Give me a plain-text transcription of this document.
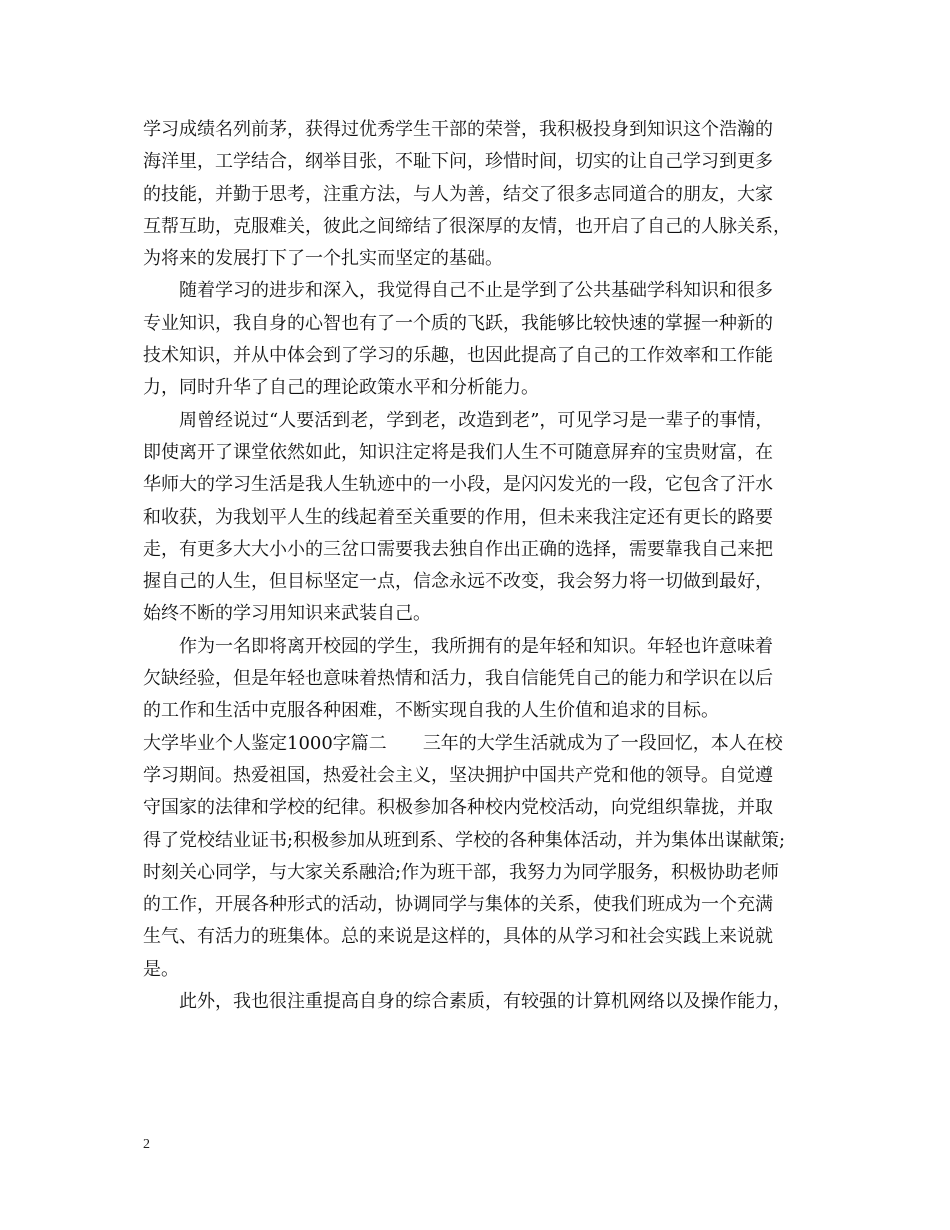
学习成绩名列前茅，获得过优秀学生干部的荣誉，我积极投身到知识这个浩瀚的
海洋里，工学结合，纲举目张，不耻下问，珍惜时间，切实的让自己学习到更多
的技能，并勤于思考，注重方法，与人为善，结交了很多志同道合的朋友，大家
互帮互助，克服难关，彼此之间缔结了很深厚的友情，也开启了自己的人脉关系，
为将来的发展打下了一个扎实而坚定的基础。
随着学习的进步和深入，我觉得自己不止是学到了公共基础学科知识和很多
专业知识，我自身的心智也有了一个质的飞跃，我能够比较快速的掌握一种新的
技术知识，并从中体会到了学习的乐趣，也因此提高了自己的工作效率和工作能
力，同时升华了自己的理论政策水平和分析能力。
周曾经说过“人要活到老，学到老，改造到老”，可见学习是一辈子的事情，
即使离开了课堂依然如此，知识注定将是我们人生不可随意屏弃的宝贵财富，在
华师大的学习生活是我人生轨迹中的一小段，是闪闪发光的一段，它包含了汗水
和收获，为我划平人生的线起着至关重要的作用，但未来我注定还有更长的路要
走，有更多大大小小的三岔口需要我去独自作出正确的选择，需要靠我自己来把
握自己的人生，但目标坚定一点，信念永远不改变，我会努力将一切做到最好，
始终不断的学习用知识来武装自己。
作为一名即将离开校园的学生，我所拥有的是年轻和知识。年轻也许意味着
欠缺经验，但是年轻也意味着热情和活力，我自信能凭自己的能力和学识在以后
的工作和生活中克服各种困难，不断实现自我的人生价值和追求的目标。
大学毕业个人鉴定1000字篇二 三年的大学生活就成为了一段回忆，本人在校
学习期间。热爱祖国，热爱社会主义，坚决拥护中国共产党和他的领导。自觉遵
守国家的法律和学校的纪律。积极参加各种校内党校活动，向党组织靠拢，并取
得了党校结业证书;积极参加从班到系、学校的各种集体活动，并为集体出谋献策;
时刻关心同学，与大家关系融洽;作为班干部，我努力为同学服务，积极协助老师
的工作，开展各种形式的活动，协调同学与集体的关系，使我们班成为一个充满
生气、有活力的班集体。总的来说是这样的，具体的从学习和社会实践上来说就
是。
此外，我也很注重提高自身的综合素质，有较强的计算机网络以及操作能力，
2
